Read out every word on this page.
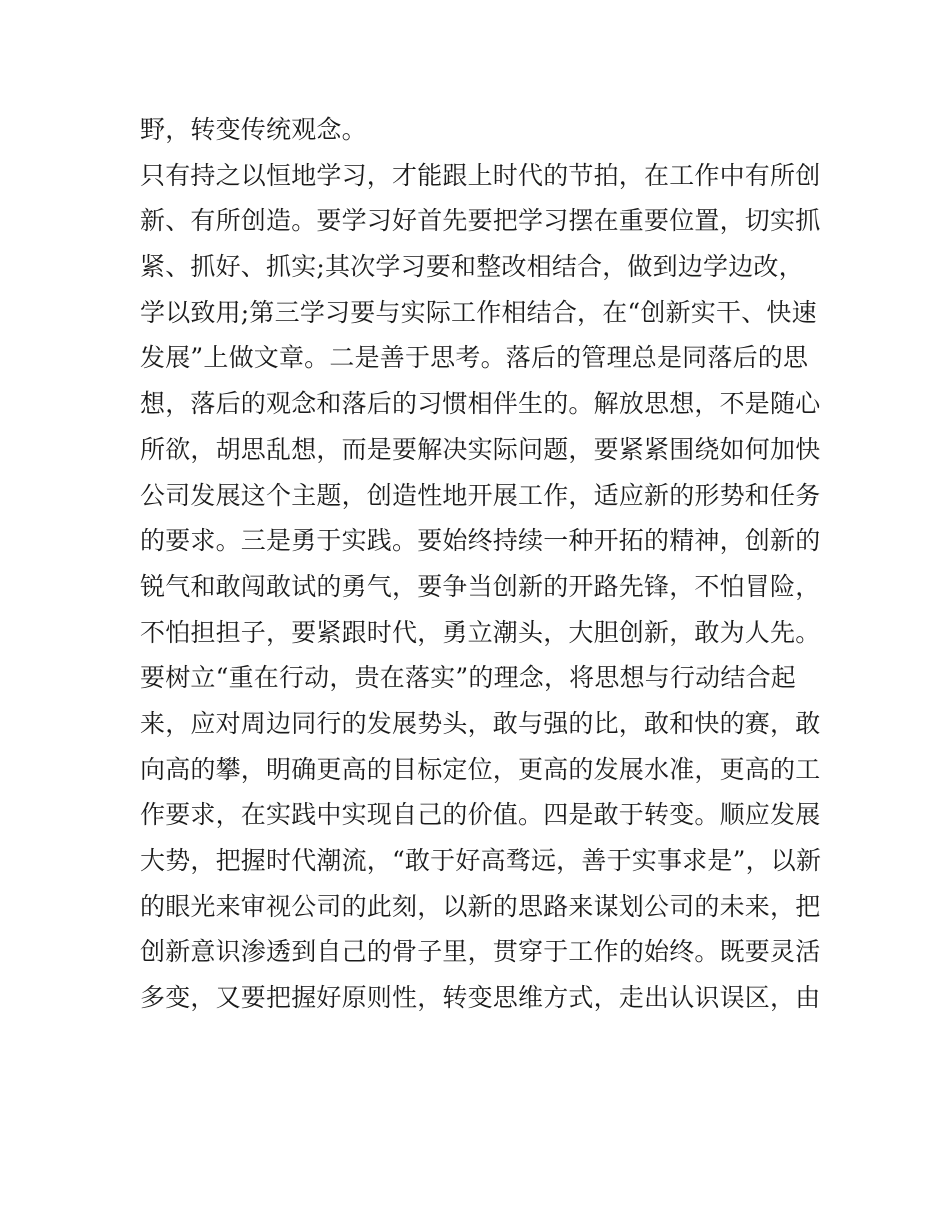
野，转变传统观念。
只有持之以恒地学习，才能跟上时代的节拍，在工作中有所创
新、有所创造。要学习好首先要把学习摆在重要位置，切实抓
紧、抓好、抓实;其次学习要和整改相结合，做到边学边改，
学以致用;第三学习要与实际工作相结合，在“创新实干、快速
发展”上做文章。二是善于思考。落后的管理总是同落后的思
想，落后的观念和落后的习惯相伴生的。解放思想，不是随心
所欲，胡思乱想，而是要解决实际问题，要紧紧围绕如何加快
公司发展这个主题，创造性地开展工作，适应新的形势和任务
的要求。三是勇于实践。要始终持续一种开拓的精神，创新的
锐气和敢闯敢试的勇气，要争当创新的开路先锋，不怕冒险，
不怕担担子，要紧跟时代，勇立潮头，大胆创新，敢为人先。
要树立“重在行动，贵在落实”的理念，将思想与行动结合起
来，应对周边同行的发展势头，敢与强的比，敢和快的赛，敢
向高的攀，明确更高的目标定位，更高的发展水准，更高的工
作要求，在实践中实现自己的价值。四是敢于转变。顺应发展
大势，把握时代潮流，“敢于好高骛远，善于实事求是”，以新
的眼光来审视公司的此刻，以新的思路来谋划公司的未来，把
创新意识渗透到自己的骨子里，贯穿于工作的始终。既要灵活
多变，又要把握好原则性，转变思维方式，走出认识误区，由
